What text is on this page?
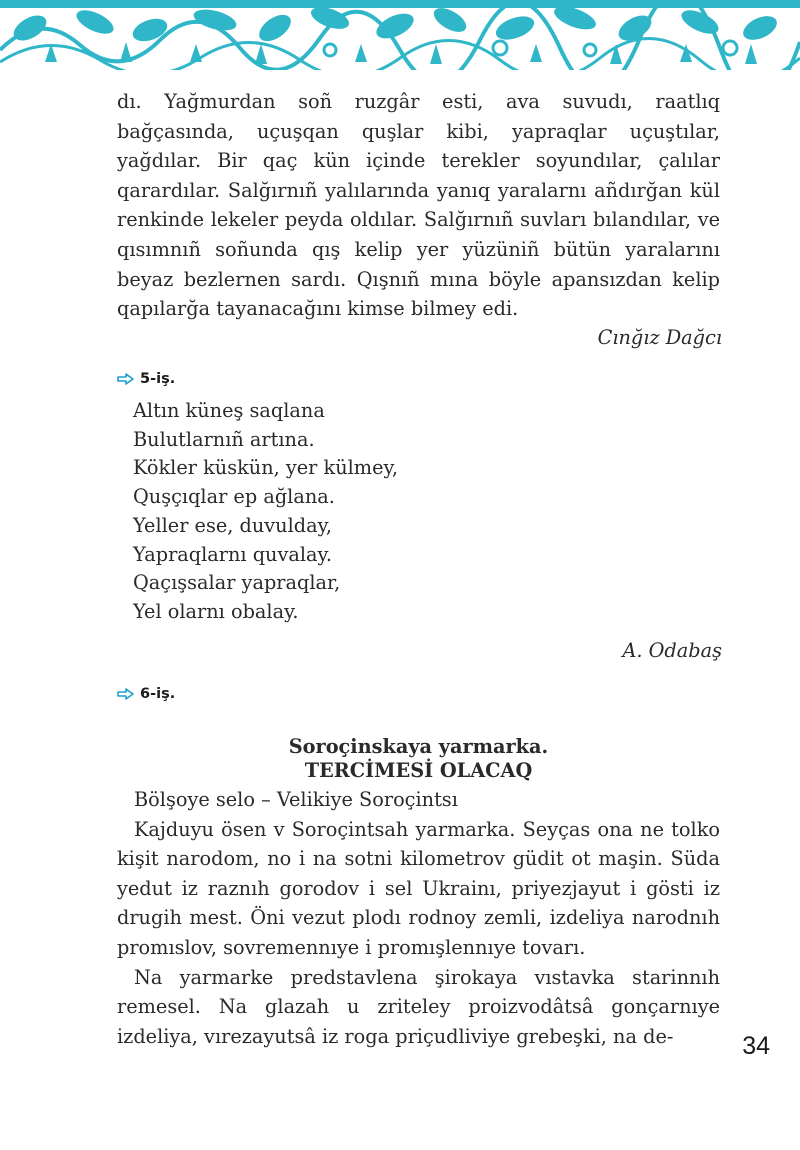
dı. Yağmurdan soñ ruzgâr esti, ava suvudı, raatlıq bağçasında, uçuşqan quşlar kibi, yapraqlar uçuştılar, yağdılar. Bir qaç kün içinde terekler soyundılar, çalılar qarardılar. Salğırnıñ yalılarında yanıq yaralarnı añdırğan kül renkinde lekeler peyda oldılar. Salğırnıñ suvları bılandılar, ve qısımnıñ soñunda qış kelip yer yüzüniñ bütün yaralarını beyaz bezlernen sardı. Qışnıñ mına böyle apansızdan kelip qapılarğa tayanacağını kimse bilmey edi.

Cınğız Dağcı
5-iş.
Altın küneş saqlana
Bulutlarnıñ artına.
Kökler küskün, yer külmey,
Quşçıqlar ep ağlana.
Yeller ese, duvulday,
Yapraqlarnı quvalay.
Qaçışsalar yapraqlar,
Yel olarnı obalay.
A. Odabaş
6-iş.
Soroçinskaya yarmarka.
TERCİMESİ OLACAQ

Bölşoye selo – Velikiye Soroçintsı

Kajduyu ösen v Soroçintsah yarmarka. Seyças ona ne tolko kişit narodom, no i na sotni kilometrov güdit ot maşin. Süda yedut iz raznıh gorodov i sel Ukrainı, priyezjayut i gösti iz drugih mest. Öni vezut plodı rodnoy zemli, izdeliya narodnıh promıslov, sovremennıye i promışlennıye tovarı.

Na yarmarke predstavlena şirokaya vıstavka starinnıh remesel. Na glazah u zriteley proizvodâtsâ gonçarnıye izdeliya, vırezayutsâ iz roga priçudliviye grebeşki, na de-	34
